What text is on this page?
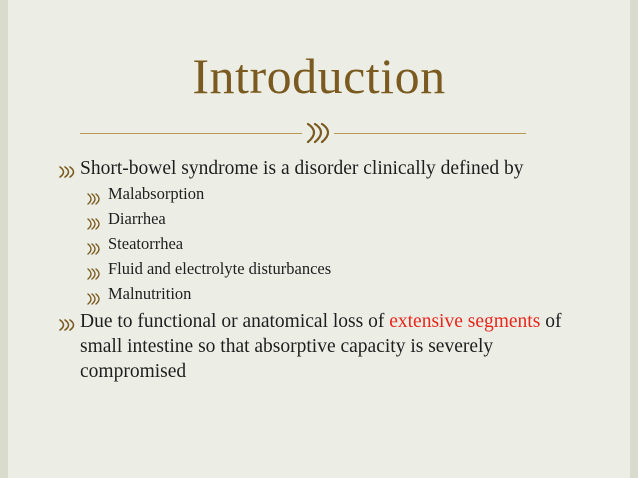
Introduction
Short-bowel syndrome is a disorder clinically defined by
Malabsorption
Diarrhea
Steatorrhea
Fluid and electrolyte disturbances
Malnutrition
Due to functional or anatomical loss of extensive segments of small intestine so that absorptive capacity is severely compromised
